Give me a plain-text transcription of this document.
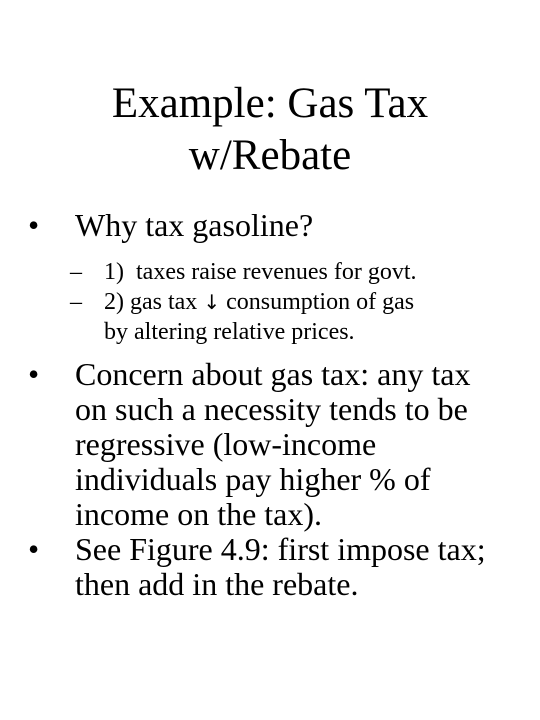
Example: Gas Tax
w/Rebate
•	Why tax gasoline?
– 1)  taxes raise revenues for govt.
– 2) gas tax ↓ consumption of gas
by altering relative prices.
•	Concern about gas tax: any tax
on such a necessity tends to be
regressive (low-income
individuals pay higher % of
income on the tax).
•	See Figure 4.9: first impose tax;
then add in the rebate.
